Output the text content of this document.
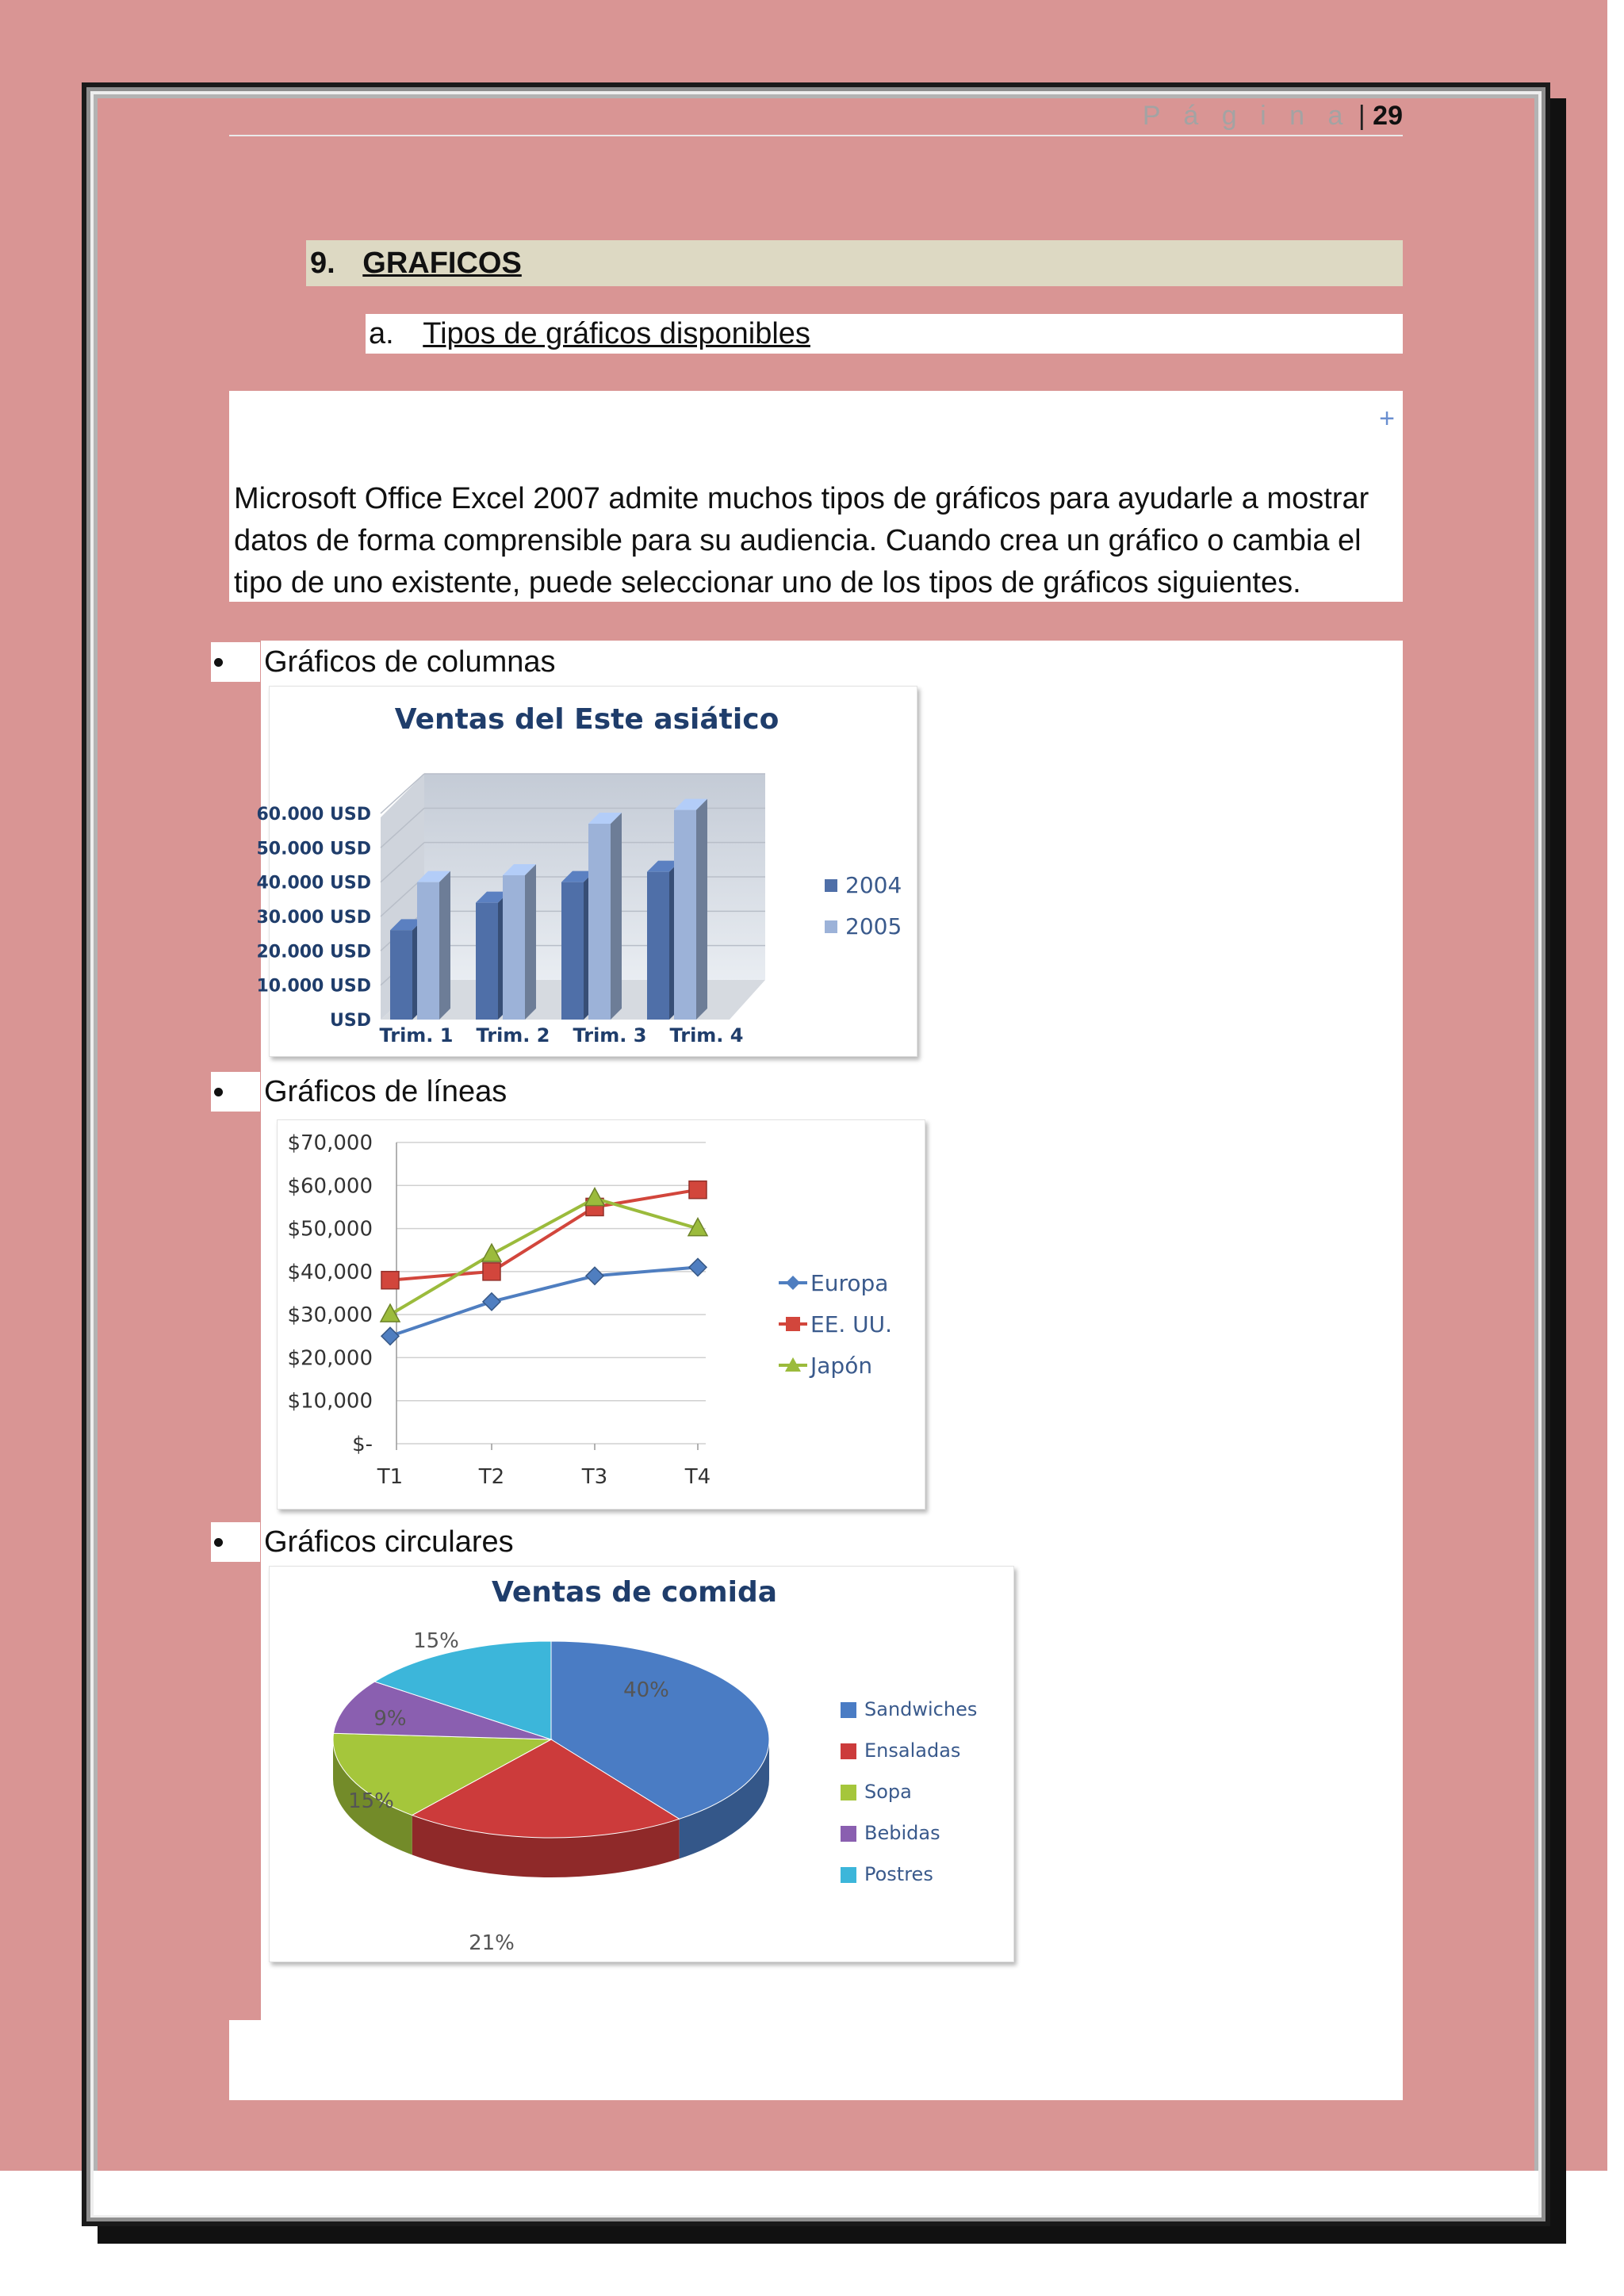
P á g i n a | 29
9. GRAFICOS
a. Tipos de gráficos disponibles
+

Microsoft Office Excel 2007 admite muchos tipos de gráficos para ayudarle a mostrar datos de forma comprensible para su audiencia. Cuando crea un gráfico o cambia el tipo de uno existente, puede seleccionar uno de los tipos de gráficos siguientes.

Gráficos de columnas
Ventas del Este asiático
60.000 USD
50.000 USD
40.000 USD
30.000 USD
20.000 USD
10.000 USD
USD
Trim. 1 Trim. 2 Trim. 3 Trim. 4
2004
2005
Gráficos de líneas
$70,000
$60,000
$50,000
$40,000
$30,000
$20,000
$10,000
$-
T1	T2	T3	T4
Europa
EE. UU.
Japón
Gráficos circulares
Ventas de comida
40%
21%
15%
9%
15%
Sandwiches
Ensaladas
Sopa
Bebidas
Postres
